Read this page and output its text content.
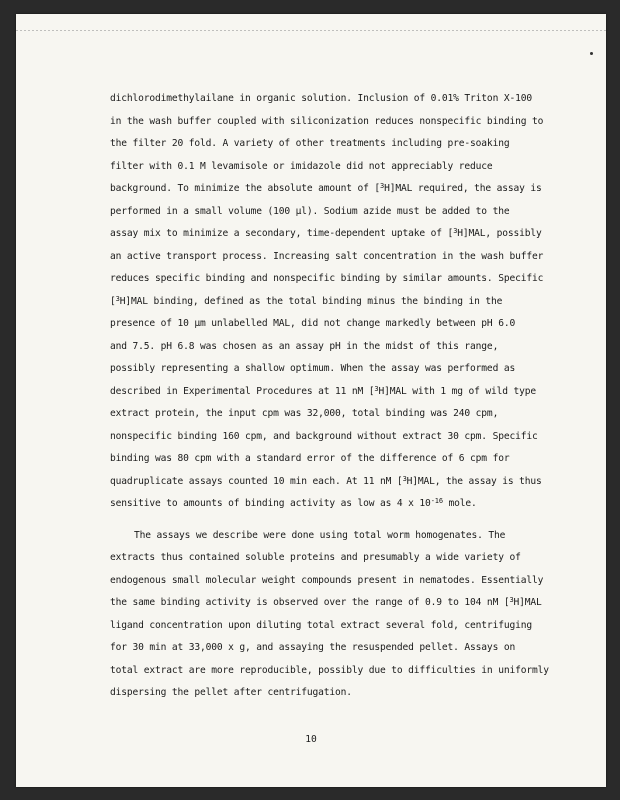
dichlorodimethylailane in organic solution. Inclusion of 0.01% Triton X-100
in the wash buffer coupled with siliconization reduces nonspecific binding to
the filter 20 fold. A variety of other treatments including pre-soaking
filter with 0.1 M levamisole or imidazole did not appreciably reduce
background. To minimize the absolute amount of [$^3$H]MAL required, the assay is
performed in a small volume (100 µl). Sodium azide must be added to the
assay mix to minimize a secondary, time-dependent uptake of [$^3$H]MAL, possibly
an active transport process. Increasing salt concentration in the wash buffer
reduces specific binding and nonspecific binding by similar amounts. Specific
[$^3$H]MAL binding, defined as the total binding minus the binding in the
presence of 10 µm unlabelled MAL, did not change markedly between pH 6.0
and 7.5. pH 6.8 was chosen as an assay pH in the midst of this range,
possibly representing a shallow optimum. When the assay was performed as
described in Experimental Procedures at 11 nM [$^3$H]MAL with 1 mg of wild type
extract protein, the input cpm was 32,000, total binding was 240 cpm,
nonspecific binding 160 cpm, and background without extract 30 cpm. Specific
binding was 80 cpm with a standard error of the difference of 6 cpm for
quadruplicate assays counted 10 min each. At 11 nM [$^3$H]MAL, the assay is thus
sensitive to amounts of binding activity as low as 4 x $10^{-16}$ mole.
The assays we describe were done using total worm homogenates. The
extracts thus contained soluble proteins and presumably a wide variety of
endogenous small molecular weight compounds present in nematodes. Essentially
the same binding activity is observed over the range of 0.9 to 104 nM [$^3$H]MAL
ligand concentration upon diluting total extract several fold, centrifuging
for 30 min at 33,000 x g, and assaying the resuspended pellet. Assays on
total extract are more reproducible, possibly due to difficulties in uniformly
dispersing the pellet after centrifugation.
10
